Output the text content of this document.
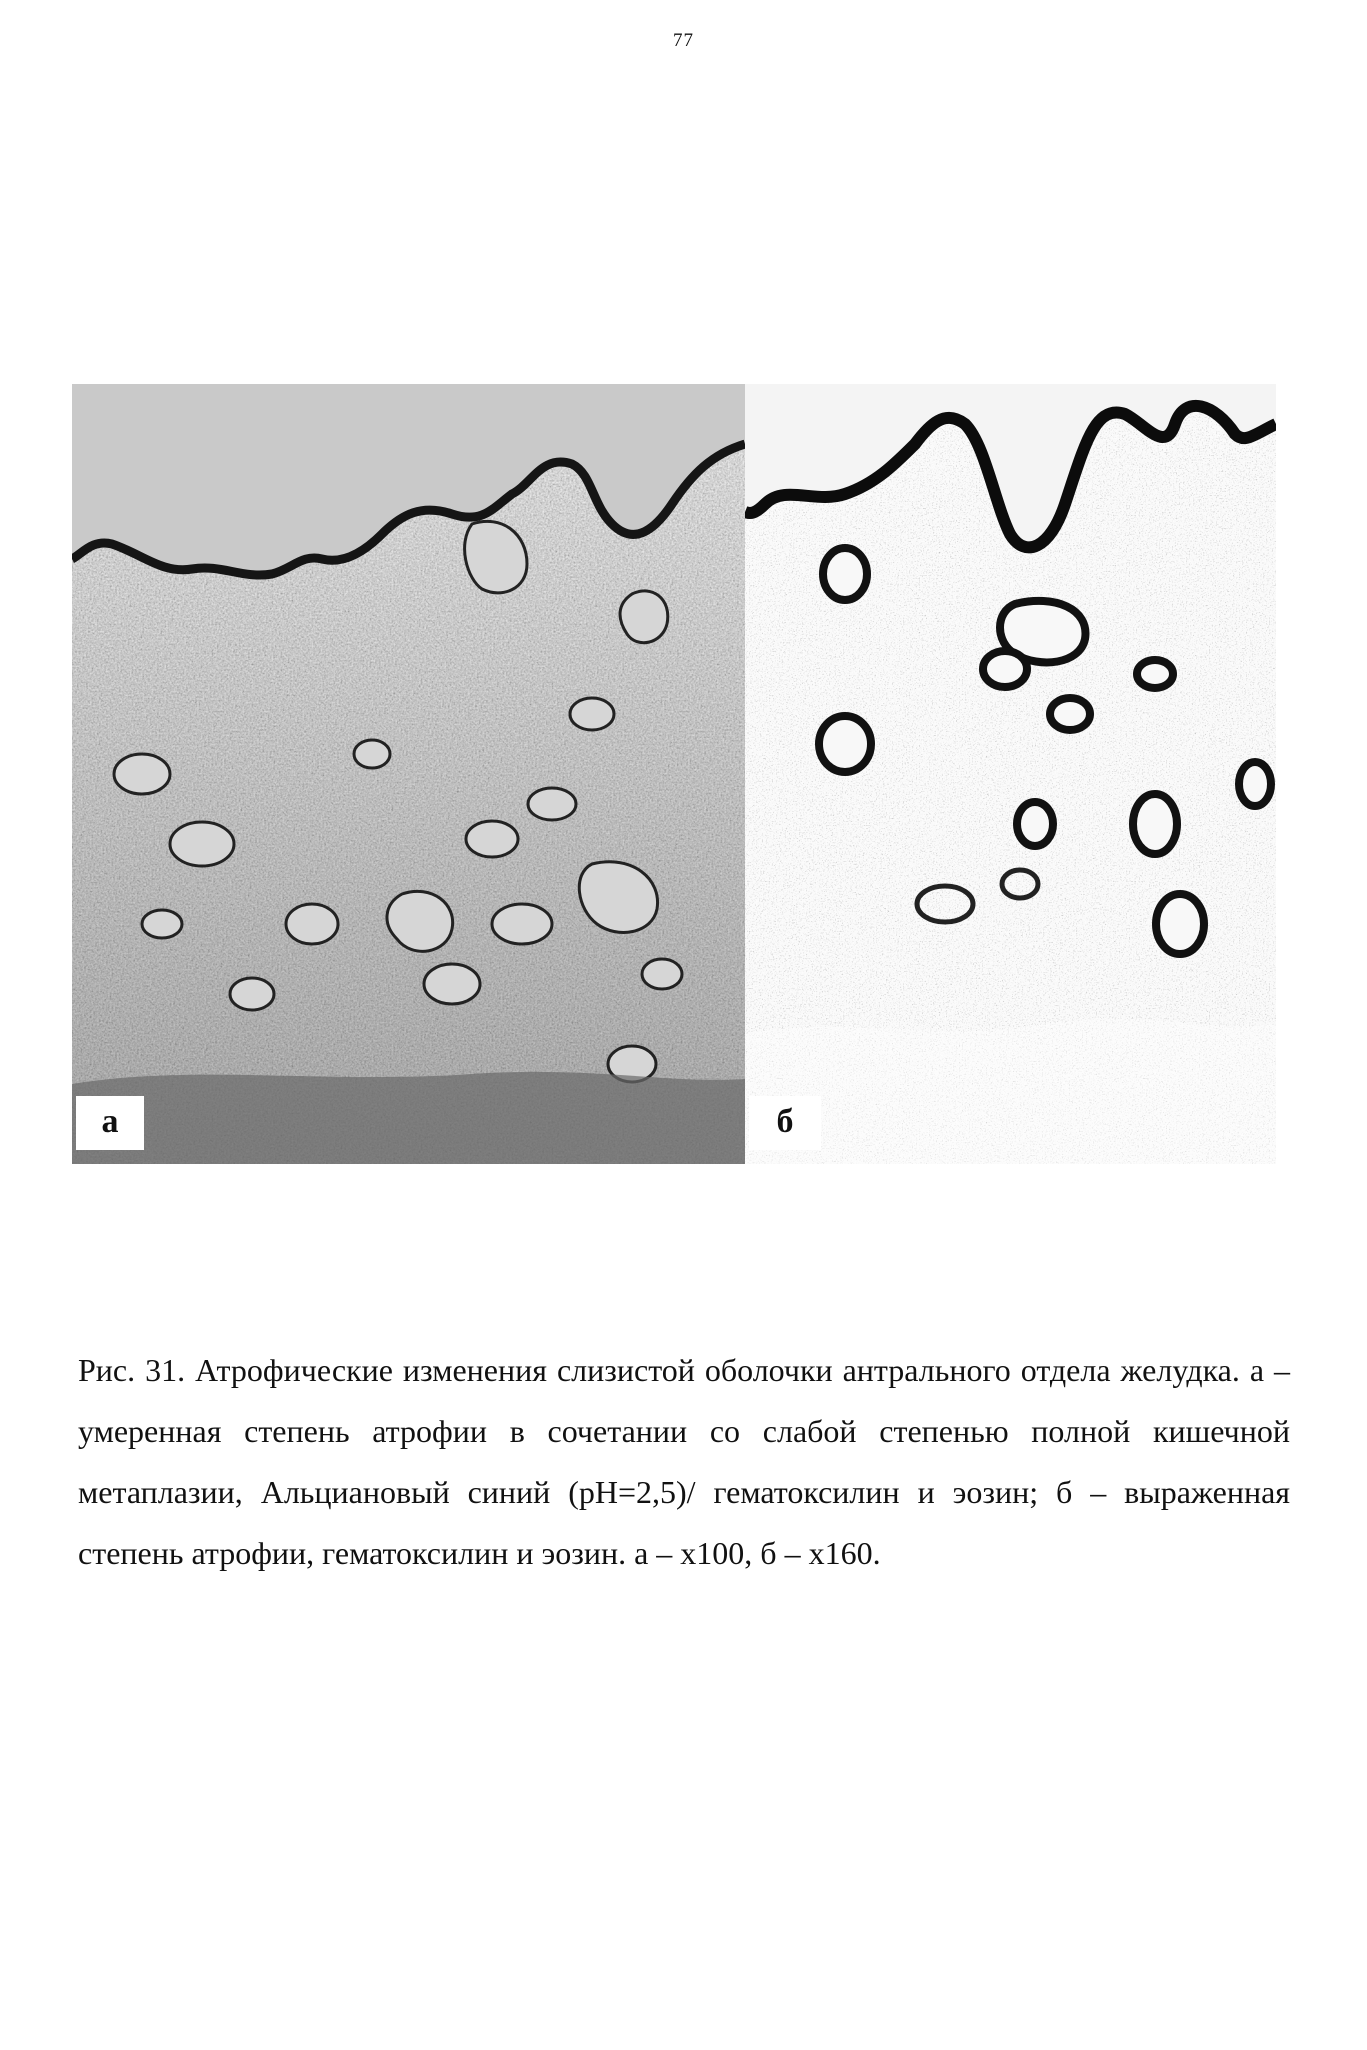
77
а	б

Рис. 31. Атрофические изменения слизистой оболочки антрального отдела желудка. а – умеренная степень атрофии в сочетании со слабой степенью полной кишечной метаплазии, Альциановый синий (pH=2,5)/ гематоксилин и эозин; б – выраженная степень атрофии, гематоксилин и эозин. а – х100, б – х160.
